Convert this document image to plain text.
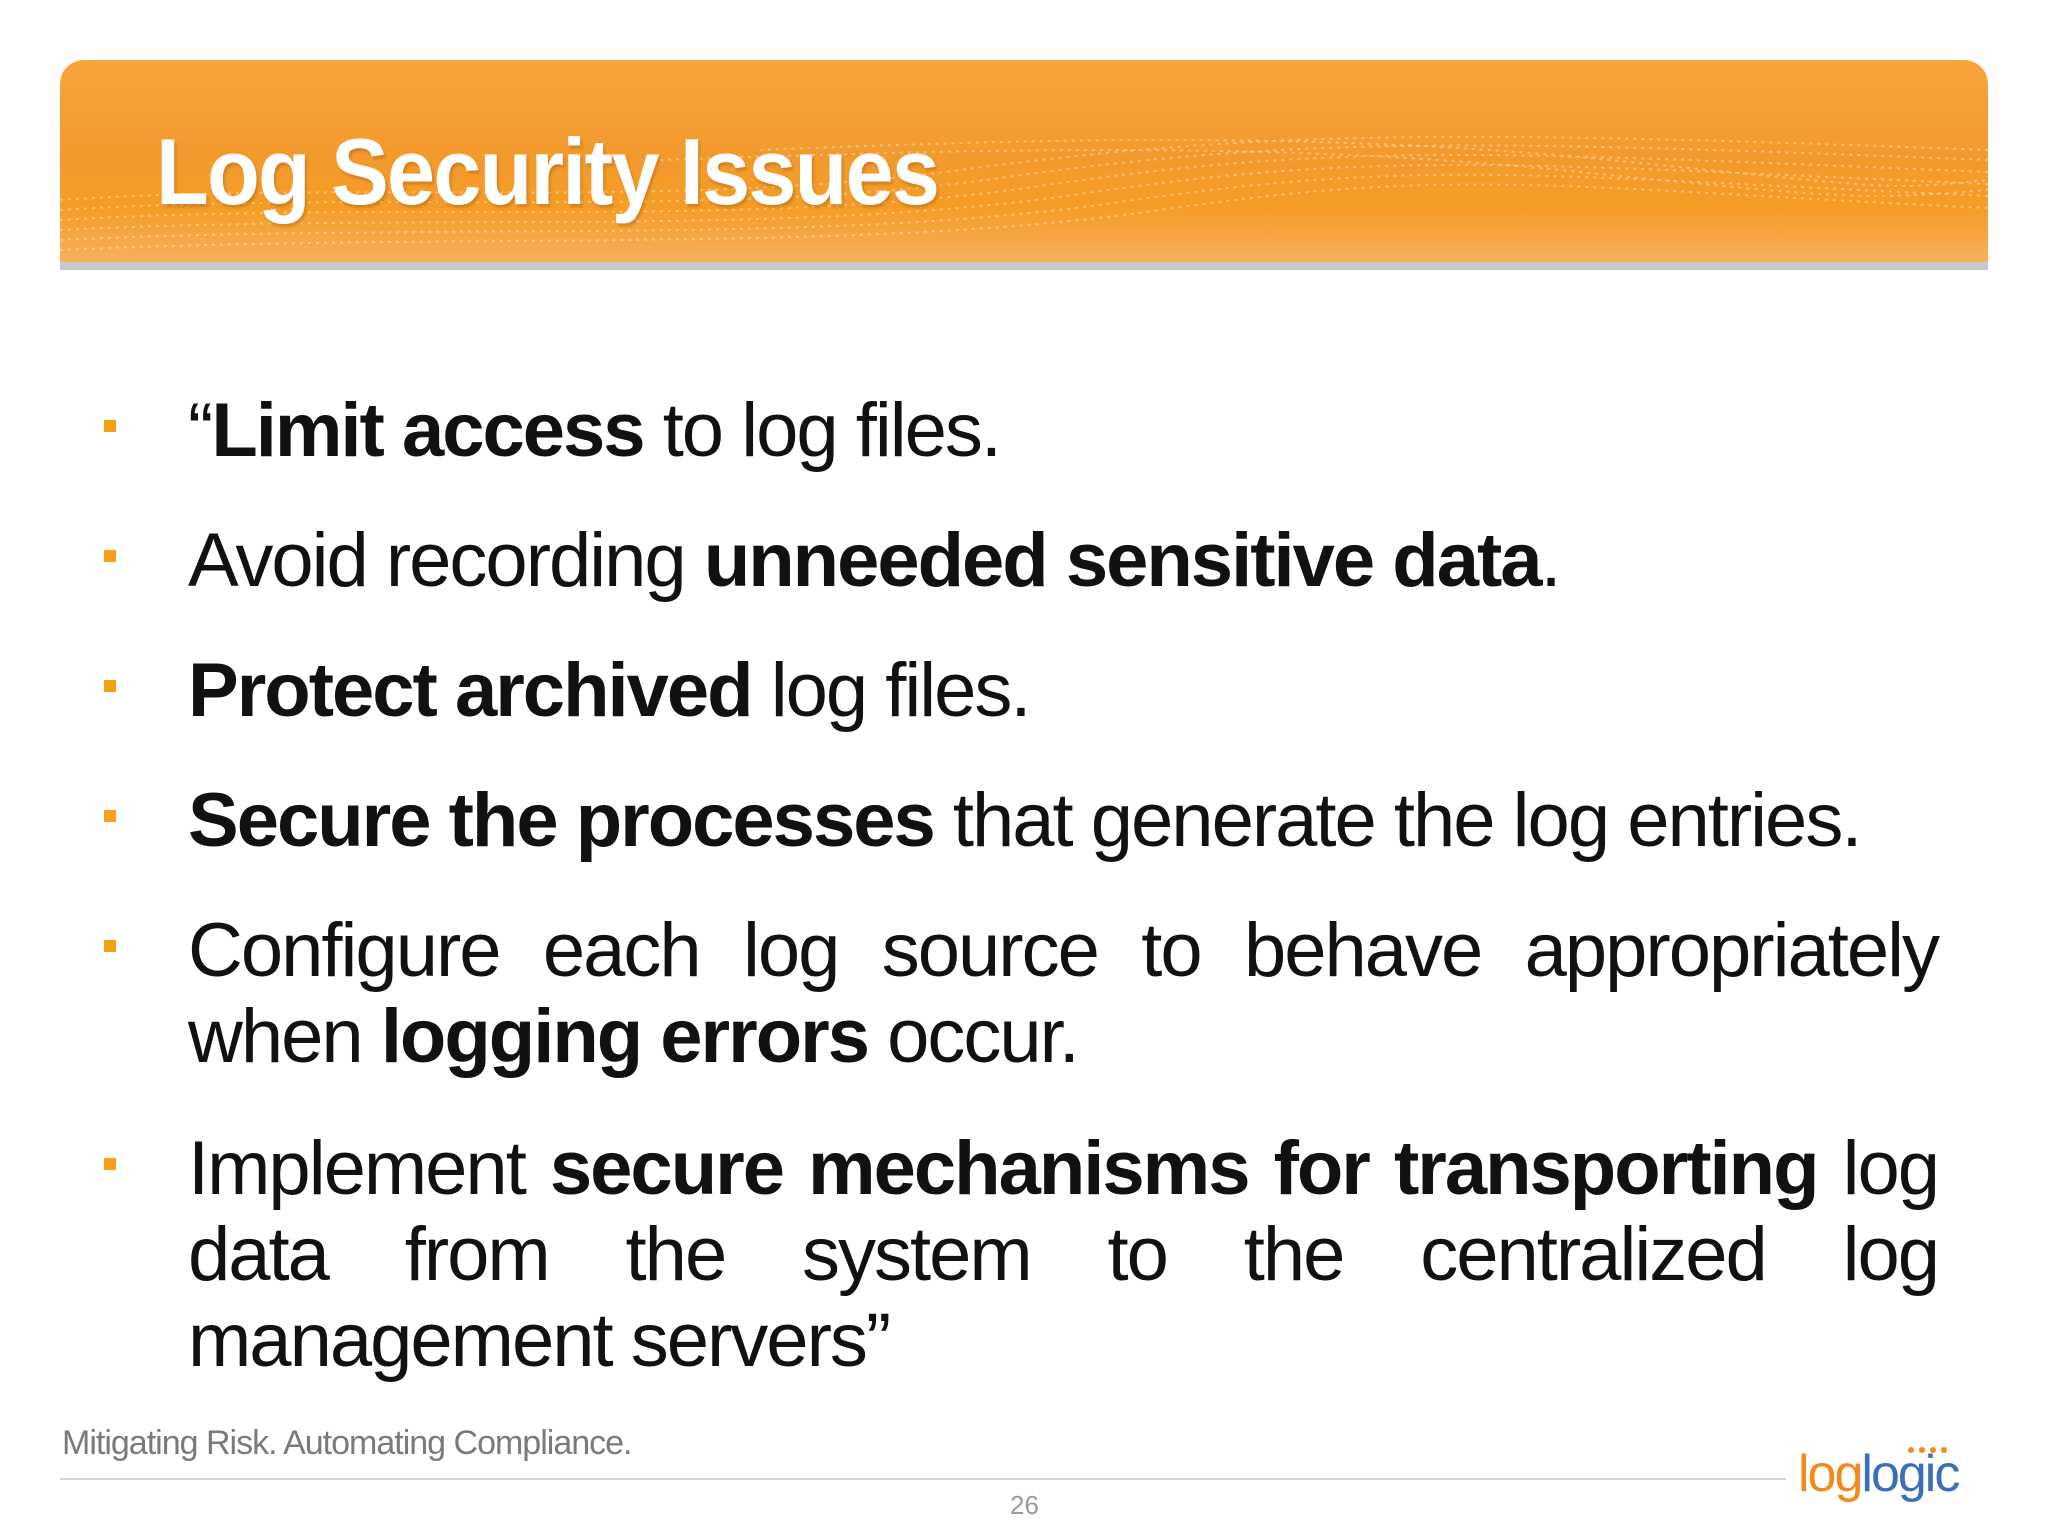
Log Security Issues
“Limit access to log files.
Avoid recording unneeded sensitive data.
Protect archived log files.
Secure the processes that generate the log entries.
Configure each log source to behave appropriately when logging errors occur.
Implement secure mechanisms for transporting log data from the system to the centralized log management servers”
Mitigating Risk. Automating Compliance.
26
loglogic
